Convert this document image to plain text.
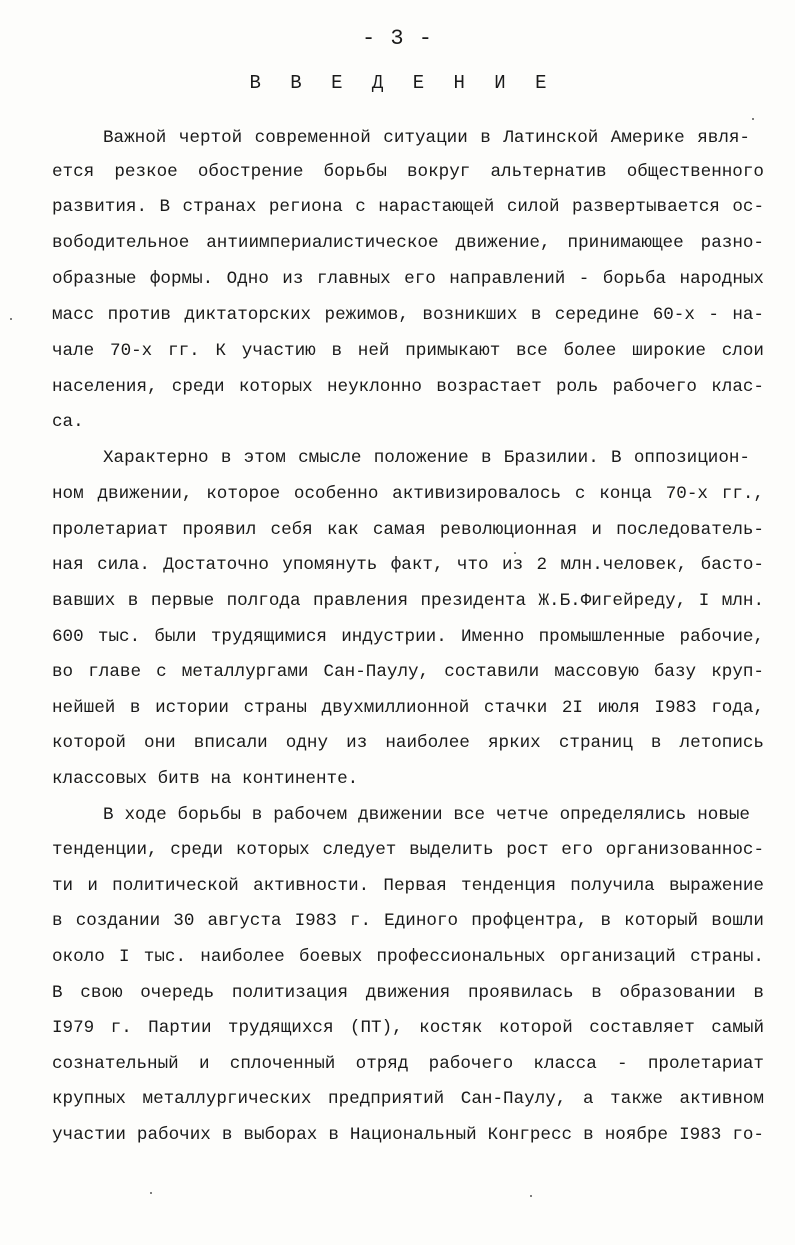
- 3 -
В В Е Д Е Н И Е
Важной чертой современной ситуации в Латинской Америке явля-
ется резкое обострение борьбы вокруг альтернатив общественного
развития. В странах региона с нарастающей силой развертывается ос-
вободительное антиимпериалистическое движение, принимающее разно-
образные формы. Одно из главных его направлений - борьба народных
масс против диктаторских режимов, возникших в середине 60-х - на-
чале 70-х гг. К участию в ней примыкают все более широкие слои
населения, среди которых неуклонно возрастает роль рабочего клас-
са.
Характерно в этом смысле положение в Бразилии. В оппозицион-
ном движении, которое особенно активизировалось с конца 70-х гг.,
пролетариат проявил себя как самая революционная и последователь-
ная сила. Достаточно упомянуть факт, что из 2 млн.человек, басто-
вавших в первые полгода правления президента Ж.Б.Фигейреду, I млн.
600 тыс. были трудящимися индустрии. Именно промышленные рабочие,
во главе с металлургами Сан-Паулу, составили массовую базу круп-
нейшей в истории страны двухмиллионной стачки 2I июля I983 года,
которой они вписали одну из наиболее ярких страниц в летопись
классовых битв на континенте.
В ходе борьбы в рабочем движении все четче определялись новые
тенденции, среди которых следует выделить рост его организованнос-
ти и политической активности. Первая тенденция получила выражение
в создании 30 августа I983 г. Единого профцентра, в который вошли
около I тыс. наиболее боевых профессиональных организаций страны.
В свою очередь политизация движения проявилась в образовании в
I979 г. Партии трудящихся (ПТ), костяк которой составляет самый
сознательный и сплоченный отряд рабочего класса - пролетариат
крупных металлургических предприятий Сан-Паулу, а также активном
участии рабочих в выборах в Национальный Конгресс в ноябре I983 го-
